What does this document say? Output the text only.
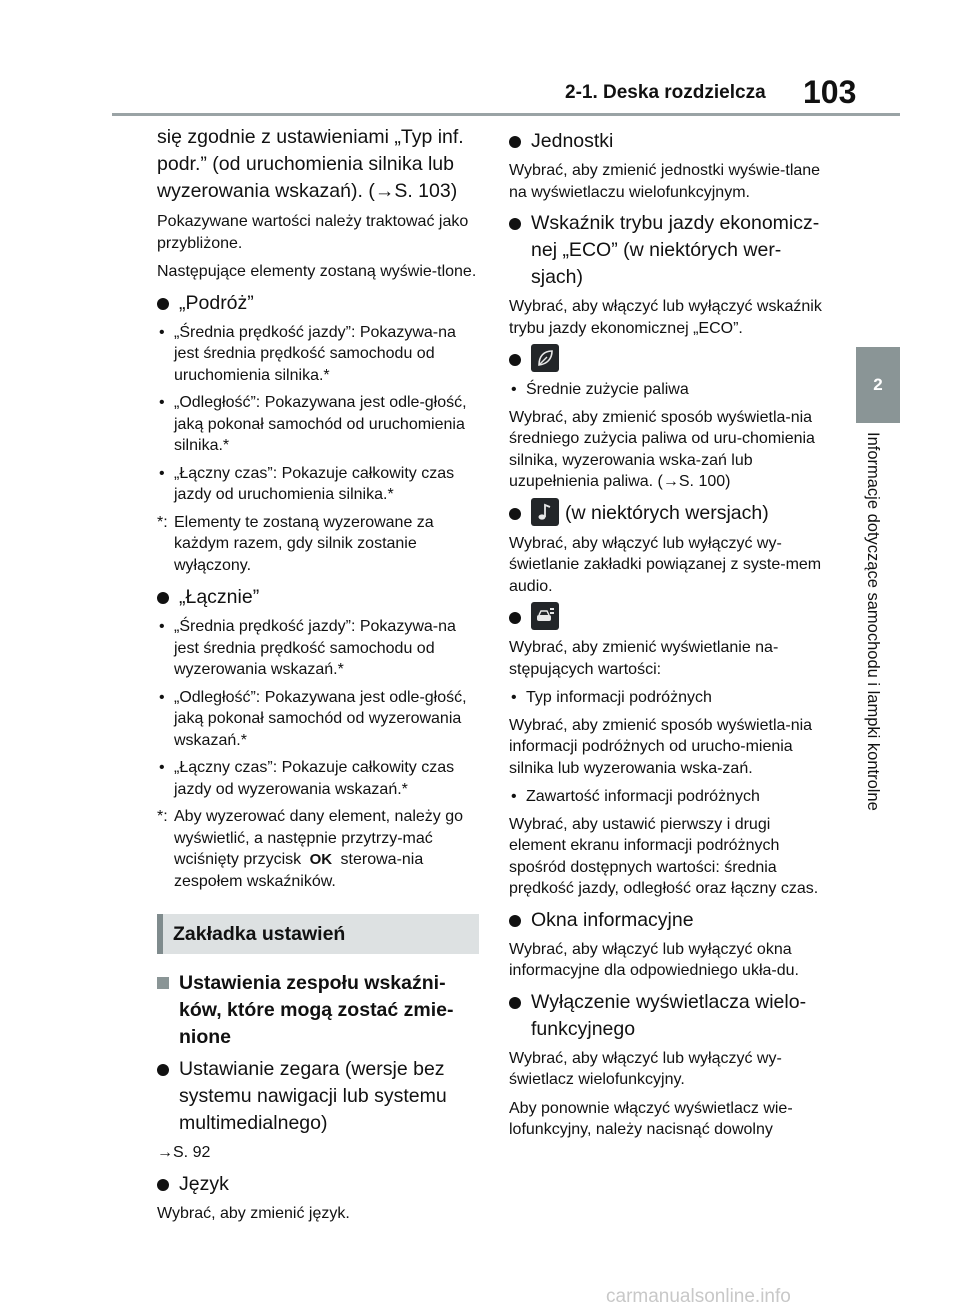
2-1. Deska rozdzielcza 103
2
Informacje dotyczące samochodu i lampki kontrolne

się zgodnie z ustawieniami „Typ inf. podr.” (od uruchomienia silnika lub wyzerowania wskazań). (→S. 103)

Pokazywane wartości należy traktować jako przybliżone.

Następujące elementy zostaną wyświe-tlone.

„Podróż”
• „Średnia prędkość jazdy”: Pokazywa-na jest średnia prędkość samochodu od uruchomienia silnika.*
• „Odległość”: Pokazywana jest odle-głość, jaką pokonał samochód od uruchomienia silnika.*
• „Łączny czas”: Pokazuje całkowity czas jazdy od uruchomienia silnika.*
*: Elementy te zostaną wyzerowane za każdym razem, gdy silnik zostanie wyłączony.
„Łącznie”
• „Średnia prędkość jazdy”: Pokazywa-na jest średnia prędkość samochodu od wyzerowania wskazań.*
• „Odległość”: Pokazywana jest odle-głość, jaką pokonał samochód od wyzerowania wskazań.*
• „Łączny czas”: Pokazuje całkowity czas jazdy od wyzerowania wskazań.*
*: Aby wyzerować dany element, należy go wyświetlić, a następnie przytrzy-mać wciśnięty przycisk OK sterowa-nia zespołem wskaźników.
Zakładka ustawień
Ustawienia zespołu wskaźni-ków, które mogą zostać zmie-nione
Ustawianie zegara (wersje bez systemu nawigacji lub systemu multimedialnego)

→S. 92

Język

Wybrać, aby zmienić język.

Jednostki

Wybrać, aby zmienić jednostki wyświe-tlane na wyświetlaczu wielofunkcyjnym.

Wskaźnik trybu jazdy ekonomicz-nej „ECO” (w niektórych wer-sjach)

Wybrać, aby włączyć lub wyłączyć wskaźnik trybu jazdy ekonomicznej „ECO”.

• Średnie zużycie paliwa

Wybrać, aby zmienić sposób wyświetla-nia średniego zużycia paliwa od uru-chomienia silnika, wyzerowania wska-zań lub uzupełnienia paliwa. (→S. 100)

(w niektórych wersjach)

Wybrać, aby włączyć lub wyłączyć wy-świetlanie zakładki powiązanej z syste-mem audio.

Wybrać, aby zmienić wyświetlanie na-stępujących wartości:

• Typ informacji podróżnych

Wybrać, aby zmienić sposób wyświetla-nia informacji podróżnych od urucho-mienia silnika lub wyzerowania wska-zań.

• Zawartość informacji podróżnych

Wybrać, aby ustawić pierwszy i drugi element ekranu informacji podróżnych spośród dostępnych wartości: średnia prędkość jazdy, odległość oraz łączny czas.

Okna informacyjne

Wybrać, aby włączyć lub wyłączyć okna informacyjne dla odpowiedniego ukła-du.

Wyłączenie wyświetlacza wielo-funkcyjnego

Wybrać, aby włączyć lub wyłączyć wy-świetlacz wielofunkcyjny.

Aby ponownie włączyć wyświetlacz wie-lofunkcyjny, należy nacisnąć dowolny

carmanualsonline.info
